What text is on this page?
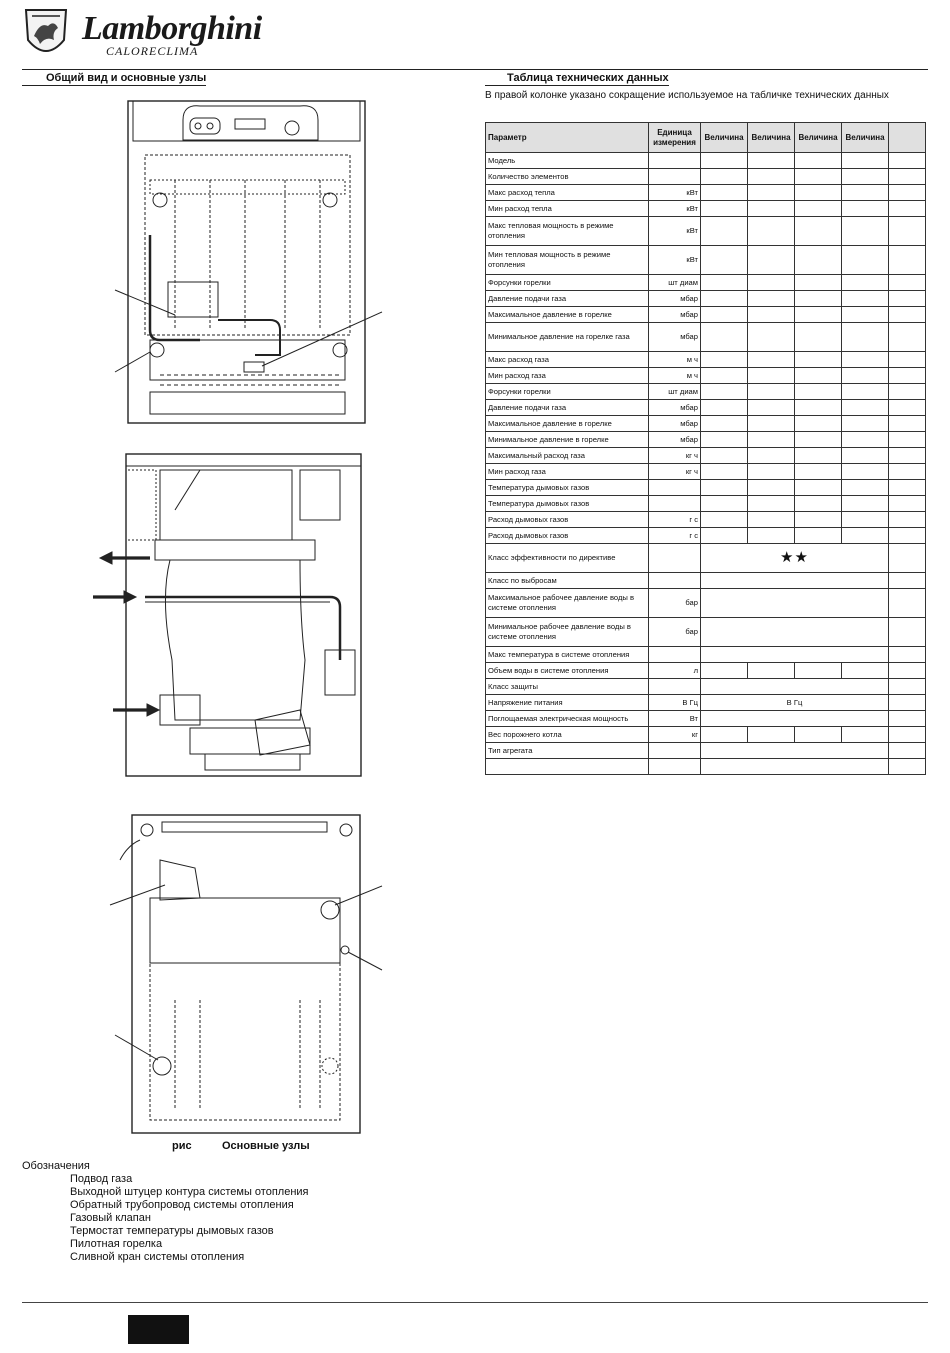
Lamborghini
CALORECLIMA
Общий вид и основные узлы	Таблица технических данных
В правой колонке указано сокращение используемое на табличке технических данных
Параметр	Единица измерения	Величина	Величина	Величина	Величина	
Модель						
Количество элементов						
Макс расход тепла	кВт					
Мин расход тепла	кВт					
Макс тепловая мощность в режиме отопления	кВт					
Мин тепловая мощность в режиме отопления	кВт					
Форсунки горелки	шт диам					
Давление подачи газа	мбар					
Максимальное давление в горелке	мбар					
Минимальное давление на горелке газа	мбар					
Макс расход газа	м ч					
Мин расход газа	м ч					
Форсунки горелки	шт диам					
Давление подачи газа	мбар					
Максимальное давление в горелке	мбар					
Минимальное давление в горелке	мбар					
Максимальный расход газа	кг ч					
Мин расход газа	кг ч					
Температура дымовых газов						
Температура дымовых газов						
Расход дымовых газов	г с					
Расход дымовых газов	г с					
Класс эффективности по директиве		★★				
Класс по выбросам						
Максимальное рабочее давление воды в системе отопления	бар					
Минимальное рабочее давление воды в системе отопления	бар					
Макс температура в системе отопления						
Объем воды в системе отопления	л					
Класс защиты						
Напряжение питания	В Гц	В Гц				
Поглощаемая электрическая мощность	Вт					
Вес порожнего котла	кг					
Тип агрегата						

рис	Основные узлы
Обозначения
Подвод газа
Выходной штуцер контура системы отопления
Обратный трубопровод системы отопления
Газовый клапан
Термостат температуры дымовых газов
Пилотная горелка
Сливной кран системы отопления
